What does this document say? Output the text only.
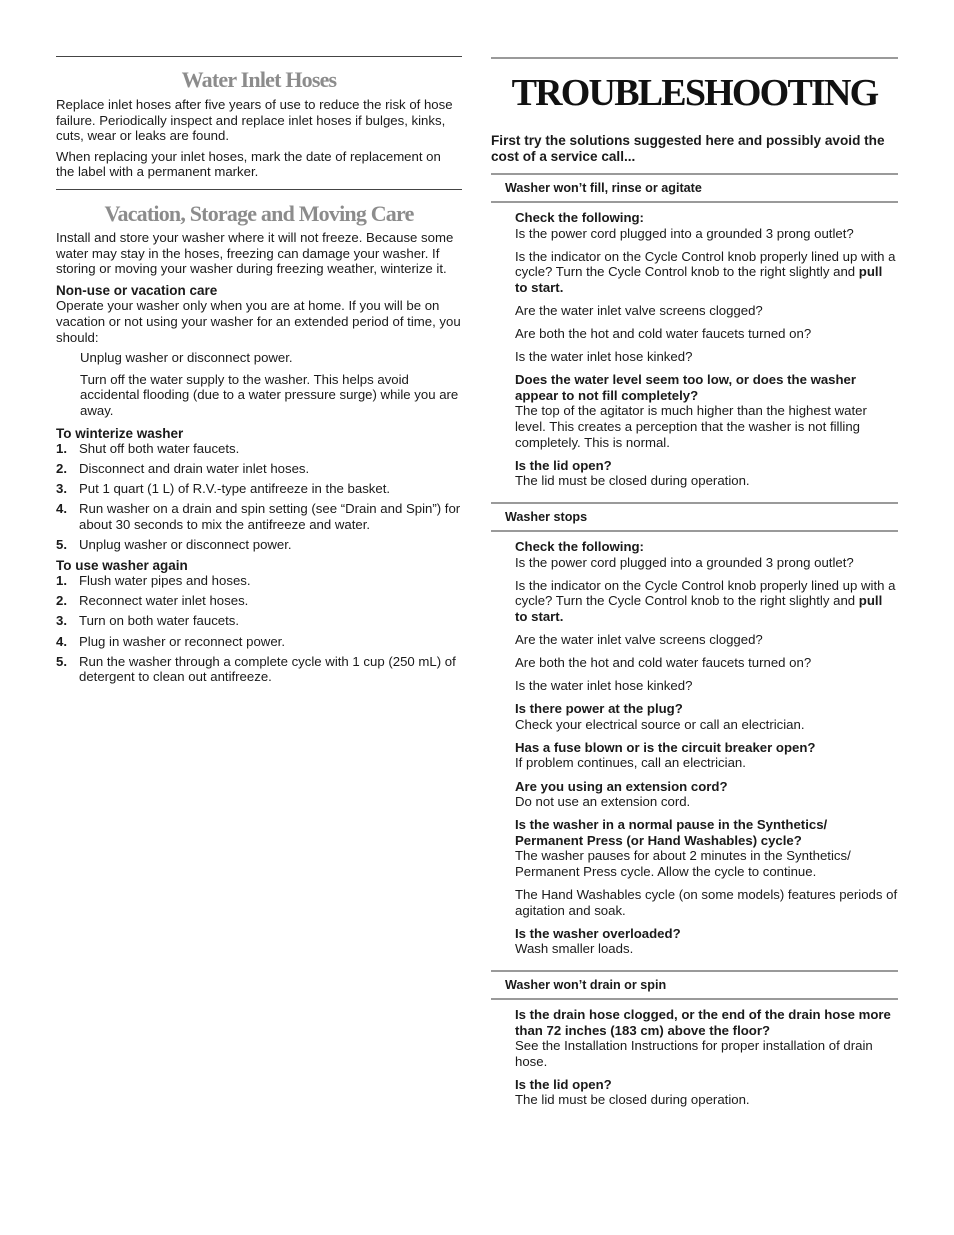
Water Inlet Hoses

Replace inlet hoses after five years of use to reduce the risk of hose failure. Periodically inspect and replace inlet hoses if bulges, kinks, cuts, wear or leaks are found.

When replacing your inlet hoses, mark the date of replacement on the label with a permanent marker.

Vacation, Storage and Moving Care

Install and store your washer where it will not freeze. Because some water may stay in the hoses, freezing can damage your washer. If storing or moving your washer during freezing weather, winterize it.

Non-use or vacation care

Operate your washer only when you are at home. If you will be on vacation or not using your washer for an extended period of time, you should:

Unplug washer or disconnect power.

Turn off the water supply to the washer. This helps avoid accidental flooding (due to a water pressure surge) while you are away.

To winterize washer
1. Shut off both water faucets.
2. Disconnect and drain water inlet hoses.
3. Put 1 quart (1 L) of R.V.-type antifreeze in the basket.
4. Run washer on a drain and spin setting (see “Drain and Spin”) for about 30 seconds to mix the antifreeze and water.
5. Unplug washer or disconnect power.
To use washer again
1. Flush water pipes and hoses.
2. Reconnect water inlet hoses.
3. Turn on both water faucets.
4. Plug in washer or reconnect power.
5. Run the washer through a complete cycle with 1 cup (250 mL) of detergent to clean out antifreeze.
TROUBLESHOOTING

First try the solutions suggested here and possibly avoid the cost of a service call...

Washer won’t fill, rinse or agitate

Check the following:

Is the power cord plugged into a grounded 3 prong outlet?

Is the indicator on the Cycle Control knob properly lined up with a cycle? Turn the Cycle Control knob to the right slightly and pull to start.

Are the water inlet valve screens clogged?

Are both the hot and cold water faucets turned on?

Is the water inlet hose kinked?

Does the water level seem too low, or does the washer appear to not fill completely?

The top of the agitator is much higher than the highest water level. This creates a perception that the washer is not filling completely. This is normal.

Is the lid open?

The lid must be closed during operation.

Washer stops

Check the following:

Is the power cord plugged into a grounded 3 prong outlet?

Is the indicator on the Cycle Control knob properly lined up with a cycle? Turn the Cycle Control knob to the right slightly and pull to start.

Are the water inlet valve screens clogged?

Are both the hot and cold water faucets turned on?

Is the water inlet hose kinked?

Is there power at the plug?

Check your electrical source or call an electrician.

Has a fuse blown or is the circuit breaker open?

If problem continues, call an electrician.

Are you using an extension cord?

Do not use an extension cord.

Is the washer in a normal pause in the Synthetics/ Permanent Press (or Hand Washables) cycle?

The washer pauses for about 2 minutes in the Synthetics/ Permanent Press cycle. Allow the cycle to continue.

The Hand Washables cycle (on some models) features periods of agitation and soak.

Is the washer overloaded?

Wash smaller loads.

Washer won’t drain or spin

Is the drain hose clogged, or the end of the drain hose more than 72 inches (183 cm) above the floor?

See the Installation Instructions for proper installation of drain hose.

Is the lid open?

The lid must be closed during operation.
